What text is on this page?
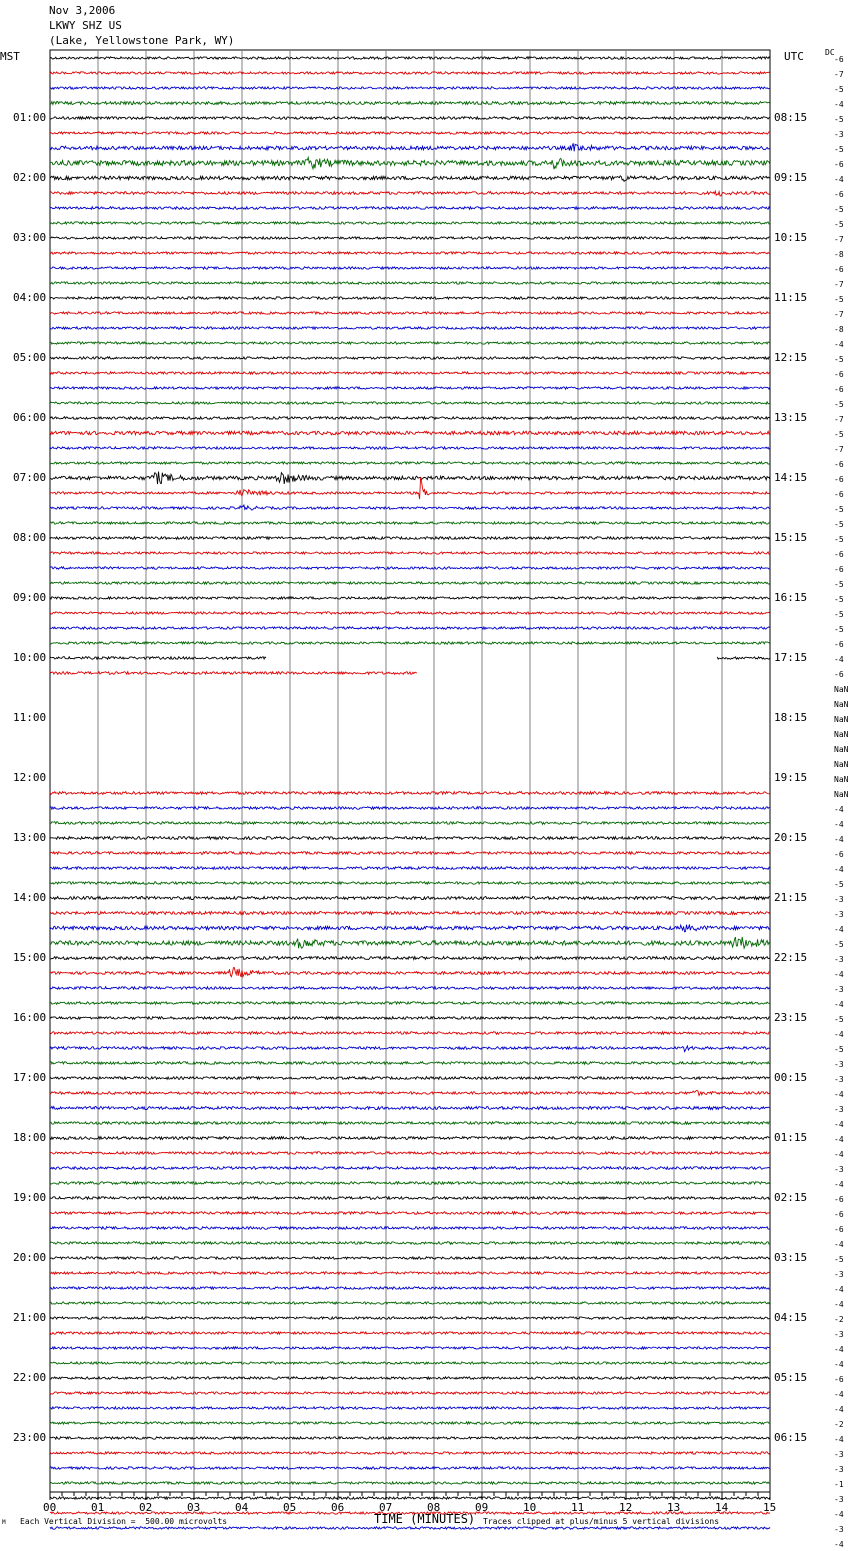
Nov 3,2006
LKWY SHZ US
(Lake, Yellowstone Park, WY)
MST	UTC	DC
01:00
02:00
03:00
04:00
05:00
06:00
07:00
08:00
09:00
10:00
11:00
12:00
13:00
14:00
15:00
16:00
17:00
18:00
19:00
20:00
21:00
22:00
23:00
08:15
09:15
10:15
11:15
12:15
13:15
14:15
15:15
16:15
17:15
18:15
19:15
20:15
21:15
22:15
23:15
00:15
01:15
02:15
03:15
04:15
05:15
06:15
-6
-7
-5
-4
-5
-3
-5
-6
-4
-6
-5
-5
-7
-8
-6
-7
-5
-7
-8
-4
-5
-6
-6
-5
-7
-5
-7
-6
-6
-6
-5
-5
-5
-6
-6
-5
-5
-5
-5
-6
-4
-6
NaN
NaN
NaN
NaN
NaN
NaN
NaN
NaN
-4
-4
-4
-6
-4
-5
-3
-3
-4
-5
-3
-4
-3
-4
-5
-4
-5
-3
-3
-4
-3
-4
-4
-4
-3
-4
-6
-6
-6
-4
-5
-3
-4
-4
-2
-3
-4
-4
-6
-4
-4
-2
-4
-3
-3
-1
-3
-4
-3
-4
00	01	02	03	04	05	06	07	08	09	10	11	12	13	14	15
TIME (MINUTES)
Each Vertical Division =  500.00 microvolts	Traces clipped at plus/minus 5 vertical divisions
M
